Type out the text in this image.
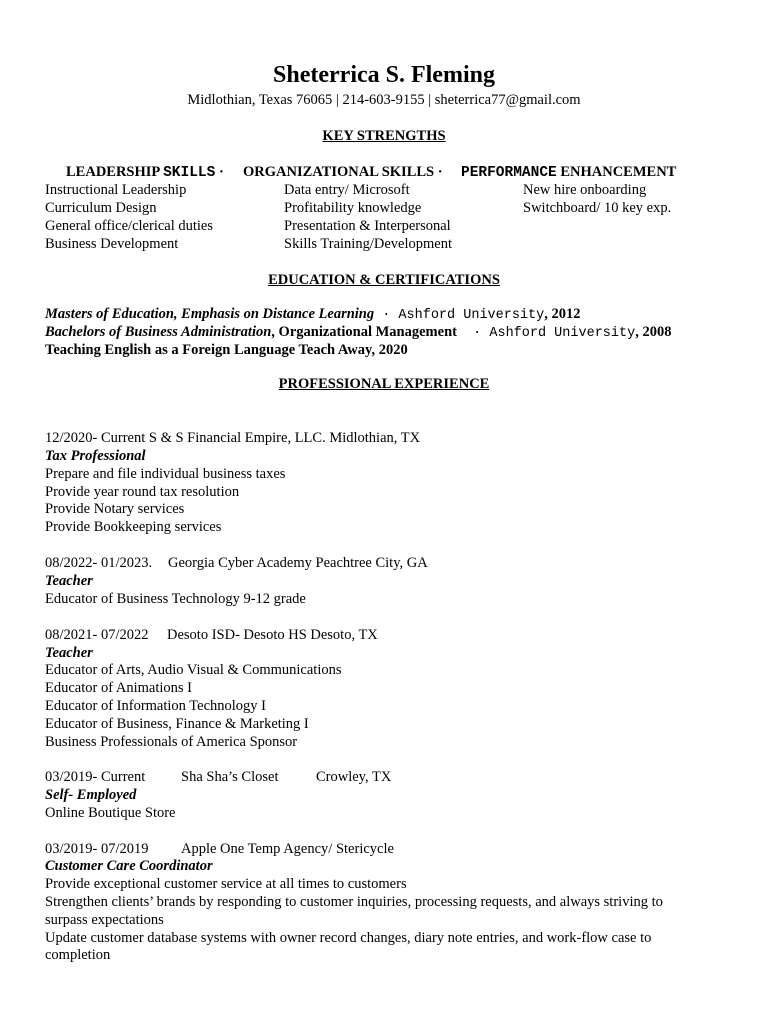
Sheterrica S. Fleming
Midlothian, Texas 76065 | 214-603-9155 | sheterrica77@gmail.com
KEY STRENGTHS
LEADERSHIP SKILLS · ORGANIZATIONAL SKILLS · PERFORMANCE ENHANCEMENT
Instructional Leadership
Curriculum Design
General office/clerical duties
Business Development
Data entry/ Microsoft
Profitability knowledge
Presentation & Interpersonal
Skills Training/Development
New hire onboarding
Switchboard/ 10 key exp.
EDUCATION & CERTIFICATIONS
Masters of Education, Emphasis on Distance Learning · Ashford University, 2012
Bachelors of Business Administration, Organizational Management  · Ashford University, 2008
Teaching English as a Foreign Language Teach Away, 2020
PROFESSIONAL EXPERIENCE
12/2020- Current S & S Financial Empire, LLC. Midlothian, TX
Tax Professional
Prepare and file individual business taxes
Provide year round tax resolution
Provide Notary services
Provide Bookkeeping services
08/2022- 01/2023. Georgia Cyber Academy Peachtree City, GA
Teacher
Educator of Business Technology 9-12 grade
08/2021- 07/2022 Desoto ISD- Desoto HS Desoto, TX
Teacher
Educator of Arts, Audio Visual & Communications
Educator of Animations I
Educator of Information Technology I
Educator of Business, Finance & Marketing I
Business Professionals of America Sponsor
03/2019- Current Sha Sha’s Closet	Crowley, TX
Self- Employed
Online Boutique Store
03/2019- 07/2019 Apple One Temp Agency/ Stericycle
Customer Care Coordinator
Provide exceptional customer service at all times to customers
Strengthen clients’ brands by responding to customer inquiries, processing requests, and always striving to
surpass expectations
Update customer database systems with owner record changes, diary note entries, and work-flow case to
completion
